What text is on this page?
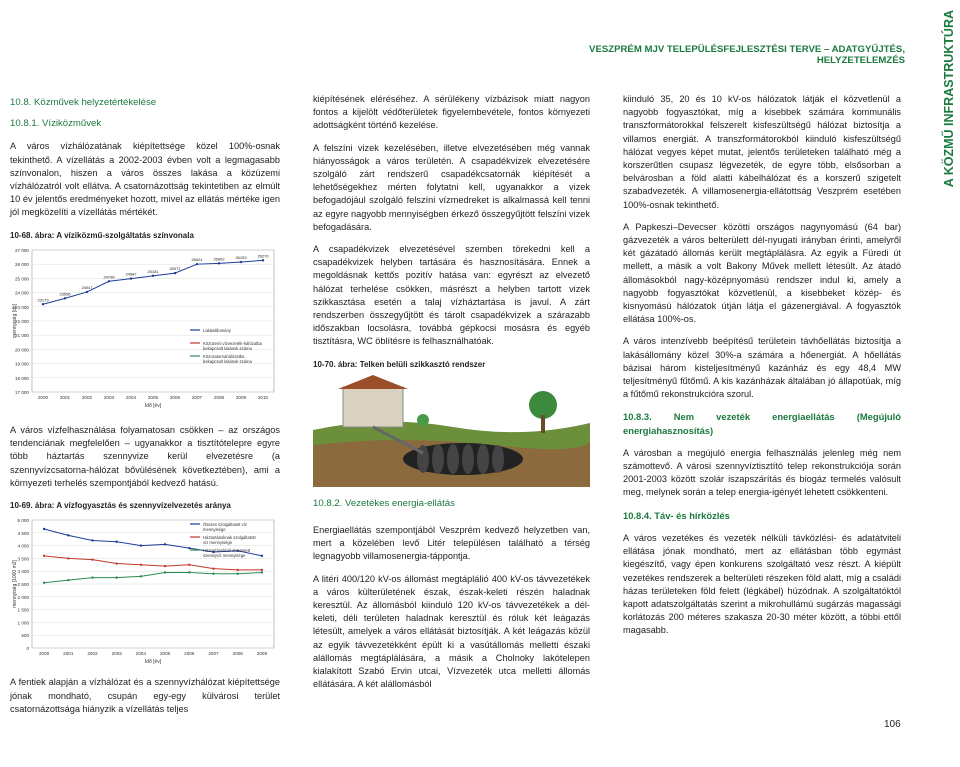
VESZPRÉM MJV TELEPÜLÉSFEJLESZTÉSI TERVE – ADATGYŰJTÉS, HELYZETELEMZÉS	A KÖZMŰ INFRASTRUKTÚRA
10.8. Közművek helyzetértékelése
10.8.1. Víziközművek

A város vízhálózatának kiépítettsége közel 100%-osnak tekinthető. A vízellátás a 2002-2003 évben volt a legmagasabb színvonalon, hiszen a város összes lakása a közüzemi vízhálózatról volt ellátva. A csatornázottság tekintetiben az elmúlt 10 év jelentős eredményeket hozott, mivel az ellátás mértéke igen jól megközelíti a vízellátás mértékét.

10-68. ábra: A víziközmű-szolgáltatás színvonala
17 000
18 000
19 000
20 000
21 000
22 000
23 000
24 000
25 000
26 000
27 000
2000	2001	2002	2003	2004	2005	2006	2007	2008	2009	2010
Idő [év]
mennyiség [db]	Lakásállomány
Közüzemi vízvezeték-hálózatba
bekapcsolt lakások száma
Közcsatornahálózatba
bekapcsolt lakások száma
23179
23596
24047
24796
24987
25181
25371
26001	26062	26153	26270

A város vízfelhasználása folyamatosan csökken – az országos tendenciának megfelelően – ugyanakkor a tisztítótelepre egyre több háztartás szennyvize kerül elvezetésre (a szennyvízcsatorna-hálózat bővülésének következtében), ami a környezeti terhelés szempontjából kedvező hatású.

10-69. ábra: A vízfogyasztás és szennyvízelvezetés aránya
0
500
1 000
1 500
2 000
2 500
3 000
3 500
4 000
4 500
5 000
2000	2001	2002	2003	2004	2005	2006	2007	2008	2009
Idő [év]
mennyiség [1000 m3]
Összes szolgáltatott víz
mennyisége
Háztartásoknak szolgáltatott
víz mennyisége
Háztartásokból elvezetett
szennyvíz mennyisége

A fentiek alapján a vízhálózat és a szennyvízhálózat kiépítettsége jónak mondható, csupán egy-egy külvárosi terület csatornázottsága hiányzik a vízellátás teljes

kiépítésének eléréséhez. A sérülékeny vízbázisok miatt nagyon fontos a kijelölt védőterületek figyelembevétele, fontos környezeti adottságként történő kezelése.

A felszíni vizek kezelésében, illetve elvezetésében még vannak hiányosságok a város területén. A csapadékvizek elvezetésére szolgáló zárt rendszerű csapadékcsatornák kiépítését a lehetőségekhez mérten folytatni kell, ugyanakkor a vizek befogadójául szolgáló felszíni vízmedreket is alkalmassá kell tenni az egyre nagyobb mennyiségben érkező összegyűjtött felszíni vizek befogadására.

A csapadékvizek elvezetésével szemben törekedni kell a csapadékvizek helyben tartására és hasznosítására. Ennek a megoldásnak kettős pozitív hatása van: egyrészt az elvezető hálózat terhelése csökken, másrészt a helyben tartott vizek szikkasztása esetén a talaj vízháztartása is javul. A zárt rendszerben összegyűjtött és tárolt csapadékvizek a szárazabb időszakban locsolásra, továbbá gépkocsi mosásra és egyéb tisztításra, WC öblítésre is felhasználhatóak.

10-70. ábra: Telken belüli szikkasztó rendszer
10.8.2. Vezetékes energia-ellátás

Energiaellátás szempontjából Veszprém kedvező helyzetben van, mert a közelében levő Litér településen található a térség legnagyobb villamosenergia-táppontja.

A litéri 400/120 kV-os állomást megtáplálió 400 kV-os távvezetékek a város külterületének észak, észak-keleti részén haladnak keresztül. Az állomásból kiinduló 120 kV-os távvezetékek a dél-keleti, déli területen haladnak keresztül és róluk két leágazás létesült, amelyek a város ellátását biztosítják. A két leágazás közül az egyik távvezetékként épült ki a vasútállomás melletti északi alállomás megtáplálására, a másik a Cholnoky lakótelepen kialakított Szabó Ervin utcai, Vízvezeték utca melletti állomás ellátására. A két alállomásból

kiinduló 35, 20 és 10 kV-os hálózatok látják el közvetlenül a nagyobb fogyasztókat, míg a kisebbek számára kommunális transzformátorokkal felszerelt kisfeszültségű hálózat biztosítja a villamos energiát. A transzformátorokból kiinduló kisfeszültségű hálózat vegyes képet mutat, jelentős területeken található még a korszerűtlen csupasz légvezeték, de egyre több, elsősorban a belvárosban a föld alatti kábelhálózat és a korszerű szigetelt szabadvezeték. A villamosenergia-ellátottság Veszprém esetében 100%-osnak tekinthető.

A Papkeszi–Devecser közötti országos nagynyomású (64 bar) gázvezeték a város belterülett dél-nyugati irányban érinti, amelyről két gázátadó állomás került megtáplálásra. Az egyik a Füredi út mellett, a másik a volt Bakony Művek mellett létesült. Az átadó állomásokból nagy-középnyomású rendszer indul ki, amely a nagyobb fogyasztókat közvetlenül, a kisebbeket közép- és kisnyomású hálózatok útján látja el gázenergiával. A fogyasztók ellátása 100%-os.

A város intenzívebb beépítésű területein távhőellátás biztosítja a lakásállomány közel 30%-a számára a hőenergiát. A hőellátás bázisai három kisteljesítményű kazánház és egy 48,4 MW teljesítményű fűtőmű. A kis kazánházak általában jó állapotúak, míg a fűtőmű rekonstrukcióra szorul.

10.8.3. Nem vezeték energiaellátás (Megújuló energiahasznosítás)

A városban a megújuló energia felhasználás jelenleg még nem számottevő. A városi szennyvíztisztító telep rekonstrukciója során 2001-2003 között szolár iszapszárítás és biogáz termelés valósult meg, melynek során a telep energia-igényét lehetett csökkenteni.

10.8.4. Táv- és hírközlés

A város vezetékes és vezeték nélküli távközlési- és adatátviteli ellátása jónak mondható, mert az ellátásban több egymást kiegészítő, vagy épen konkurens szolgáltató vesz részt. A kiépült vezetékes rendszerek a belterületi részeken föld alatt, míg a családi házas területeken föld felett (légkábel) húzódnak. A szolgáltatóktól kapott adatszolgáltatás szerint a mikrohullámú sugárzás magassági korlátozás 200 méteres szakasza 20-30 méter között, a többi ettől magasabb.

106
